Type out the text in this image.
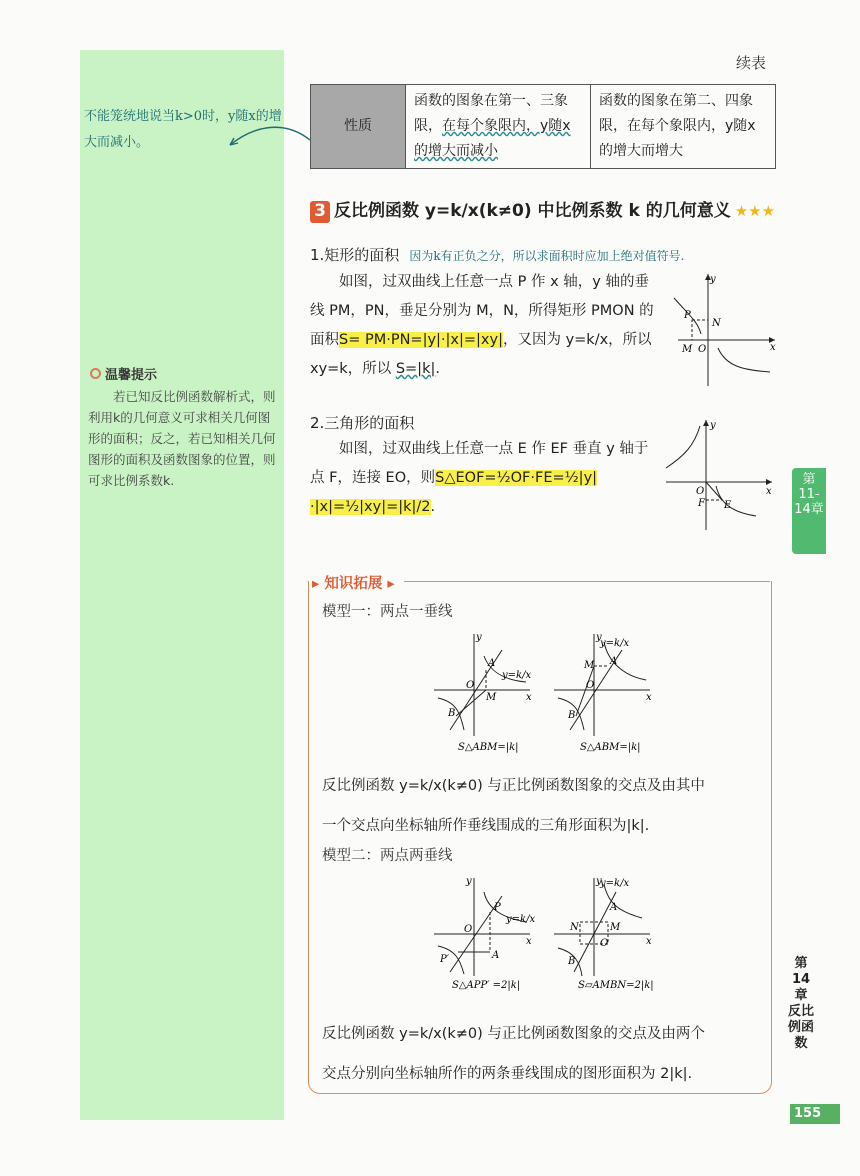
续表
不能笼统地说当k>0时，y随x的增大而减小。
温馨提示
若已知反比例函数解析式，则利用k的几何意义可求相关几何图形的面积；反之，若已知相关几何图形的面积及函数图象的位置，则可求比例系数k.
性质	函数的图象在第一、三象限，在每个象限内，y随x的增大而减小	函数的图象在第二、四象限，在每个象限内，y随x的增大而增大
3 反比例函数 y=k/x(k≠0) 中比例系数 k 的几何意义 ★★★
1.矩形的面积 因为k有正负之分，所以求面积时应加上绝对值符号.
如图，过双曲线上任意一点 P 作 x 轴，y 轴的垂线 PM，PN，垂足分别为 M，N，所得矩形 PMON 的面积S= PM·PN=|y|·|x|=|xy|，又因为 y=k/x，所以 xy=k，所以 S=|k|.
y
x
P
N
M O
2.三角形的面积
如图，过双曲线上任意一点 E 作 EF 垂直 y 轴于点 F，连接 EO，则S△EOF=½OF·FE=½|y|·|x|=½|xy|=|k|/2.
y
x
O
F E
▸ 知识拓展 ▸
模型一：两点一垂线
y
x
A
O
M
B
y=k/x
y
x
A
M
O
B
y=k/x
S△ABM=|k|	S△ABM=|k|
反比例函数 y=k/x(k≠0) 与正比例函数图象的交点及由其中
一个交点向坐标轴所作垂线围成的三角形面积为|k|.
模型二：两点两垂线
y
x
P
O
A
P′
y=k/x
y
x
A
N	M
O
B
y=k/x
S△APP′ =2|k|	S▱AMBN=2|k|
反比例函数 y=k/x(k≠0) 与正比例函数图象的交点及由两个
交点分别向坐标轴所作的两条垂线围成的图形面积为 2|k|.
第11-14章
第14章 反比例函数
155
